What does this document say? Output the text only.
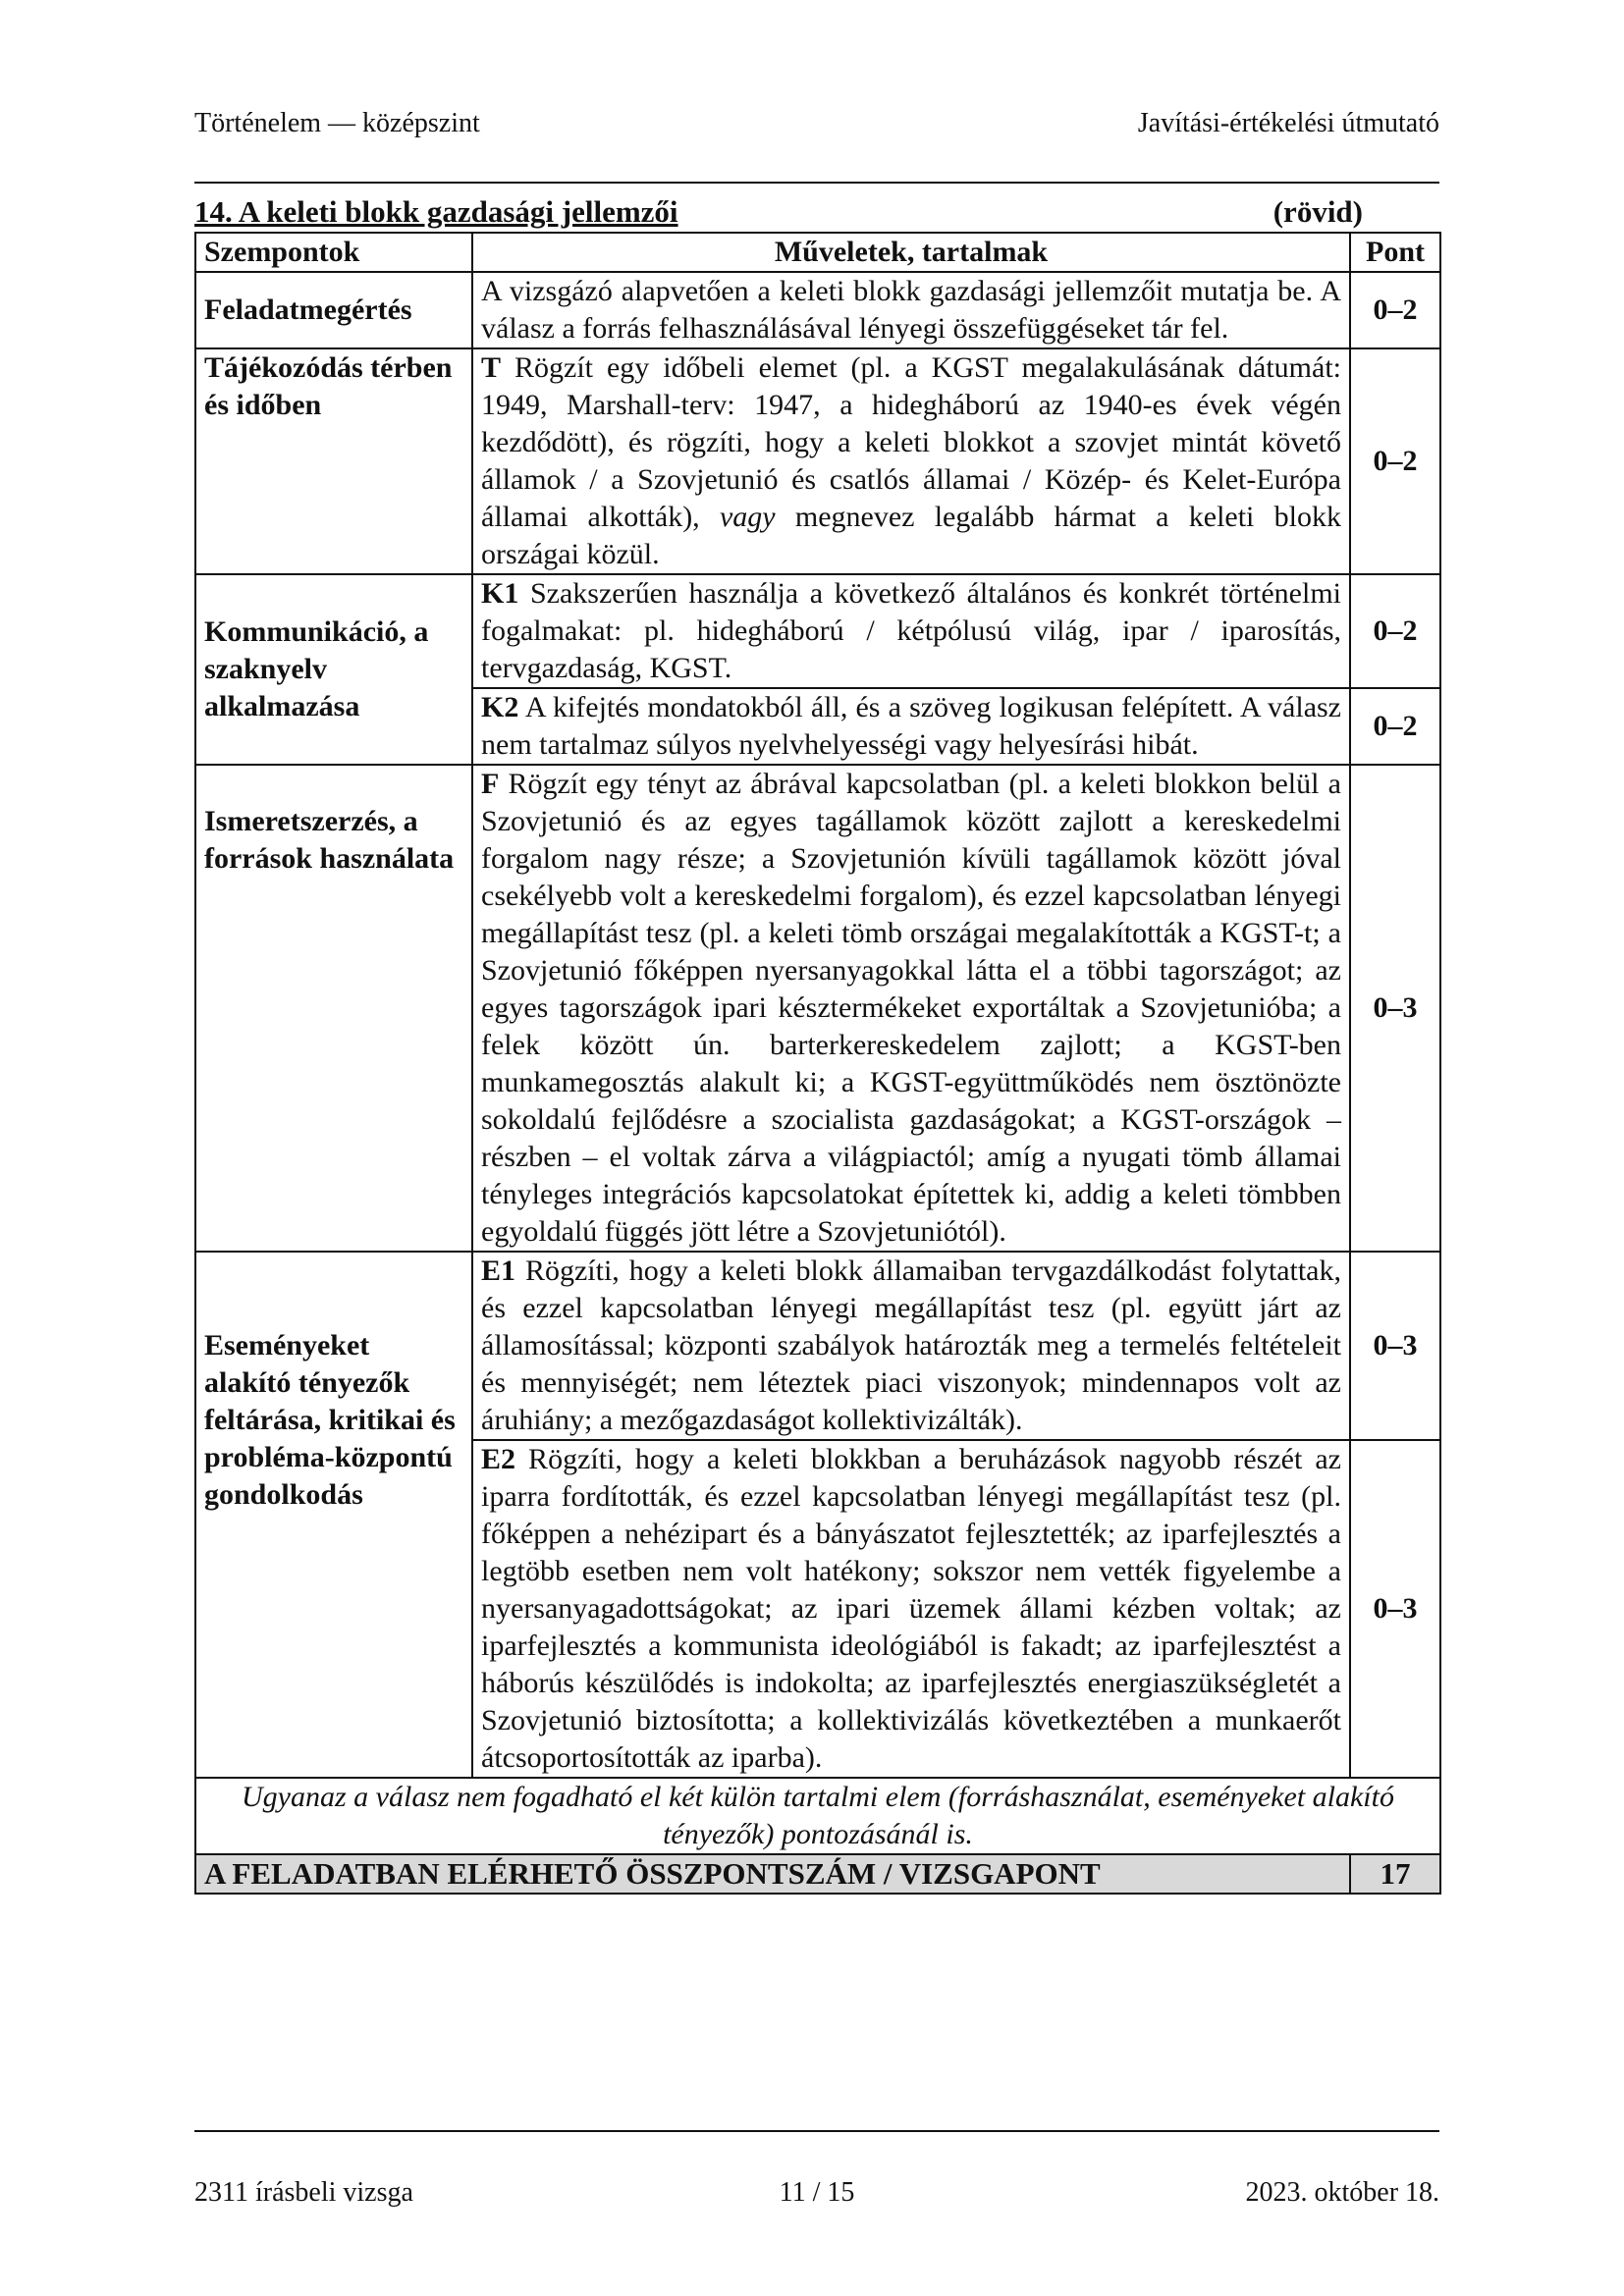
Történelem — középszint	Javítási-értékelési útmutató
14. A keleti blokk gazdasági jellemzői	(rövid)
Szempontok	Műveletek, tartalmak	Pont
Feladatmegértés	A vizsgázó alapvetően a keleti blokk gazdasági jellemzőit mutatja be. A válasz a forrás felhasználásával lényegi összefüggéseket tár fel.	0–2
Tájékozódás térben és időben	T Rögzít egy időbeli elemet (pl. a KGST megalakulásának dátumát: 1949, Marshall-terv: 1947, a hidegháború az 1940-es évek végén kezdődött), és rögzíti, hogy a keleti blokkot a szovjet mintát követő államok / a Szovjetunió és csatlós államai / Közép- és Kelet-Európa államai alkották), vagy megnevez legalább hármat a keleti blokk országai közül.	0–2
Kommunikáció, a szaknyelv alkalmazása	K1 Szakszerűen használja a következő általános és konkrét történelmi fogalmakat: pl. hidegháború / kétpólusú világ, ipar / iparosítás, tervgazdaság, KGST.	0–2
	K2 A kifejtés mondatokból áll, és a szöveg logikusan felépített. A válasz nem tartalmaz súlyos nyelvhelyességi vagy helyesírási hibát.	0–2
Ismeretszerzés, a források használata	F Rögzít egy tényt az ábrával kapcsolatban (pl. a keleti blokkon belül a Szovjetunió és az egyes tagállamok között zajlott a kereskedelmi forgalom nagy része; a Szovjetunión kívüli tagállamok között jóval csekélyebb volt a kereskedelmi forgalom), és ezzel kapcsolatban lényegi megállapítást tesz (pl. a keleti tömb országai megalakították a KGST-t; a Szovjetunió főképpen nyersanyagokkal látta el a többi tagországot; az egyes tagországok ipari késztermékeket exportáltak a Szovjetunióba; a felek között ún. barterkereskedelem zajlott; a KGST-ben munkamegosztás alakult ki; a KGST-együttműködés nem ösztönözte sokoldalú fejlődésre a szocialista gazdaságokat; a KGST-országok – részben – el voltak zárva a világpiactól; amíg a nyugati tömb államai tényleges integrációs kapcsolatokat építettek ki, addig a keleti tömbben egyoldalú függés jött létre a Szovjetuniótól).	0–3
Eseményeket alakító tényezők feltárása, kritikai és probléma-központú gondolkodás	E1 Rögzíti, hogy a keleti blokk államaiban tervgazdálkodást folytattak, és ezzel kapcsolatban lényegi megállapítást tesz (pl. együtt járt az államosítással; központi szabályok határozták meg a termelés feltételeit és mennyiségét; nem léteztek piaci viszonyok; mindennapos volt az áruhiány; a mezőgazdaságot kollektivizálták).	0–3
	E2 Rögzíti, hogy a keleti blokkban a beruházások nagyobb részét az iparra fordították, és ezzel kapcsolatban lényegi megállapítást tesz (pl. főképpen a nehézipart és a bányászatot fejlesztették; az iparfejlesztés a legtöbb esetben nem volt hatékony; sokszor nem vették figyelembe a nyersanyagadottságokat; az ipari üzemek állami kézben voltak; az iparfejlesztés a kommunista ideológiából is fakadt; az iparfejlesztést a háborús készülődés is indokolta; az iparfejlesztés energiaszükségletét a Szovjetunió biztosította; a kollektivizálás következtében a munkaerőt átcsoportosították az iparba).	0–3
Ugyanaz a válasz nem fogadható el két külön tartalmi elem (forráshasználat, eseményeket alakító tényezők) pontozásánál is.		
A FELADATBAN ELÉRHETŐ ÖSSZPONTSZÁM / VIZSGAPONT		17
2311 írásbeli vizsga	11 / 15	2023. október 18.
